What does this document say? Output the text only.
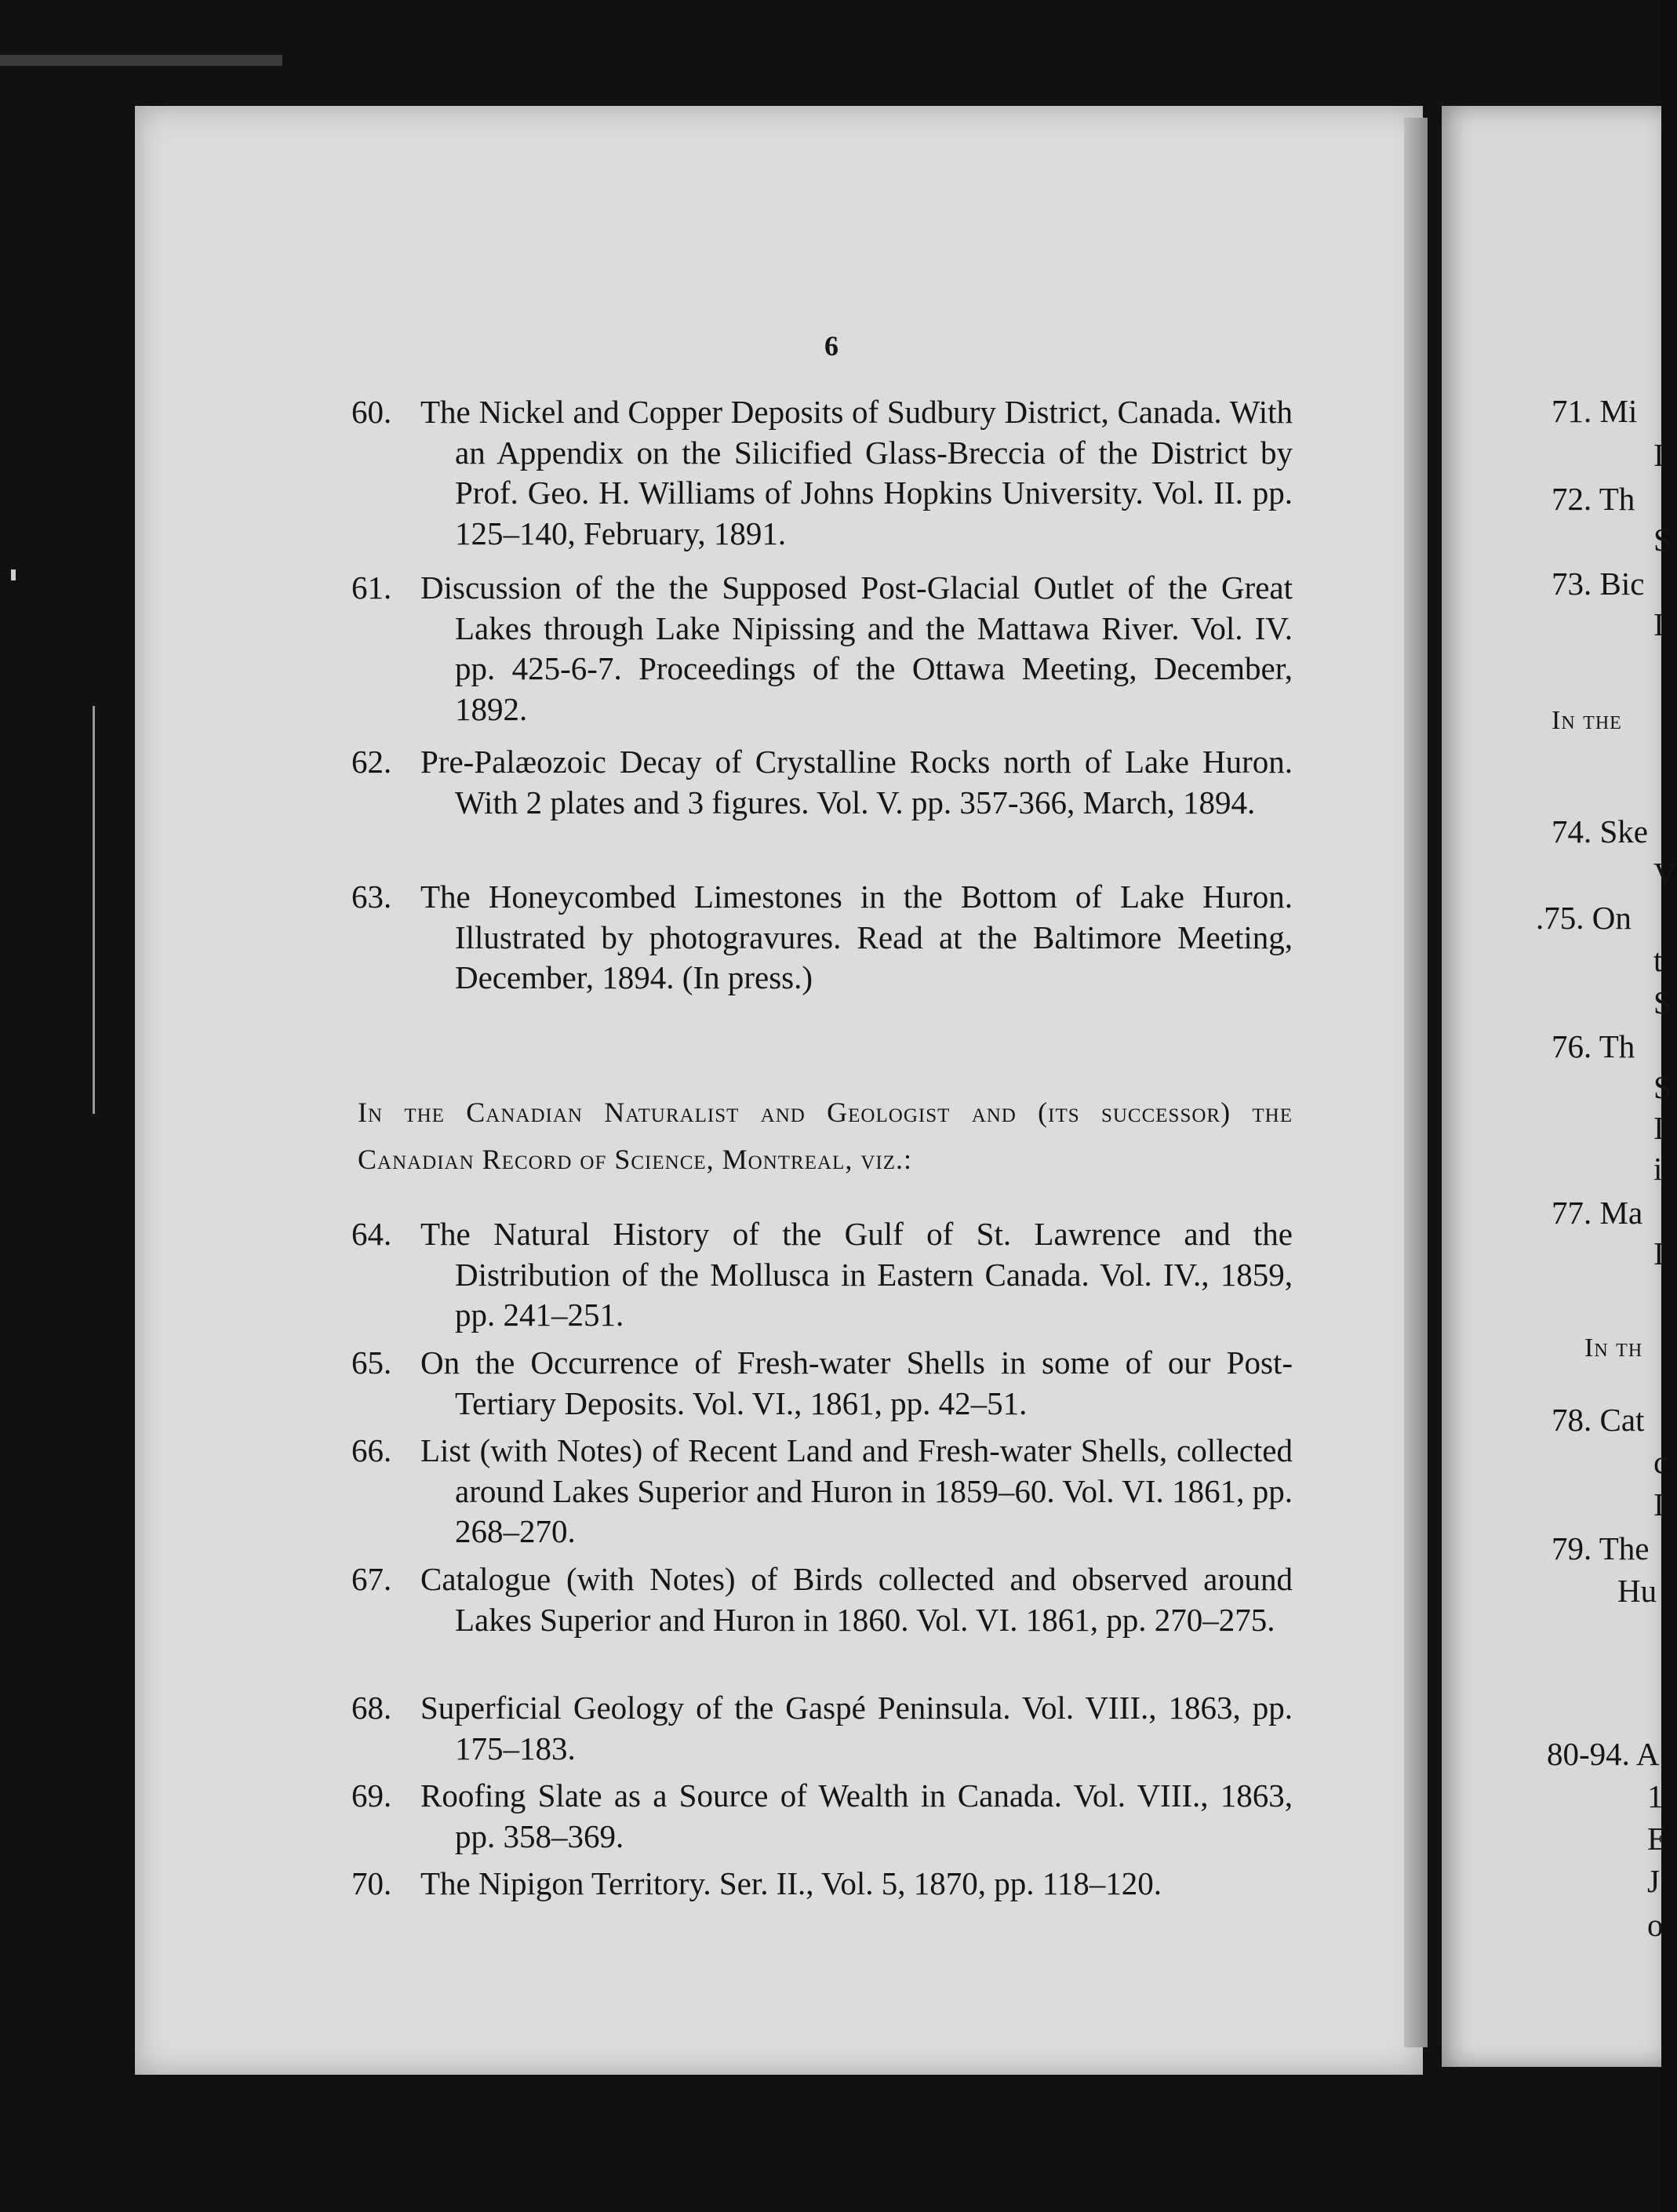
6
60. The Nickel and Copper Deposits of Sudbury District, Canada. With an Appendix on the Silicified Glass-Breccia of the District by Prof. Geo. H. Williams of Johns Hopkins University. Vol. II. pp. 125–140, February, 1891.
61. Discussion of the the Supposed Post-Glacial Outlet of the Great Lakes through Lake Nipissing and the Mattawa River. Vol. IV. pp. 425-6-7. Proceedings of the Ottawa Meeting, December, 1892.
62. Pre-Palæozoic Decay of Crystalline Rocks north of Lake Huron. With 2 plates and 3 figures. Vol. V. pp. 357-366, March, 1894.
63. The Honeycombed Limestones in the Bottom of Lake Huron. Illustrated by photogravures. Read at the Baltimore Meeting, December, 1894. (In press.)
In the Canadian Naturalist and Geologist and (its successor) the Canadian Record of Science, Montreal, viz.:
64. The Natural History of the Gulf of St. Lawrence and the Distribution of the Mollusca in Eastern Canada. Vol. IV., 1859, pp. 241–251.
65. On the Occurrence of Fresh-water Shells in some of our Post-Tertiary Deposits. Vol. VI., 1861, pp. 42–51.
66. List (with Notes) of Recent Land and Fresh-water Shells, collected around Lakes Superior and Huron in 1859–60. Vol. VI. 1861, pp. 268–270.
67. Catalogue (with Notes) of Birds collected and observed around Lakes Superior and Huron in 1860. Vol. VI. 1861, pp. 270–275.
68. Superficial Geology of the Gaspé Peninsula. Vol. VIII., 1863, pp. 175–183.
69. Roofing Slate as a Source of Wealth in Canada. Vol. VIII., 1863, pp. 358–369.
70. The Nipigon Territory. Ser. II., Vol. 5, 1870, pp. 118–120.
71. Mi
I
72. Th
S
73. Bic
I
In the
74. Ske
V
.75. On
t
S
76. Th
S
I
i
77. Ma
I
In th
78. Cat
c
I
79. The
Hu
80-94. A
1
E
J
o
